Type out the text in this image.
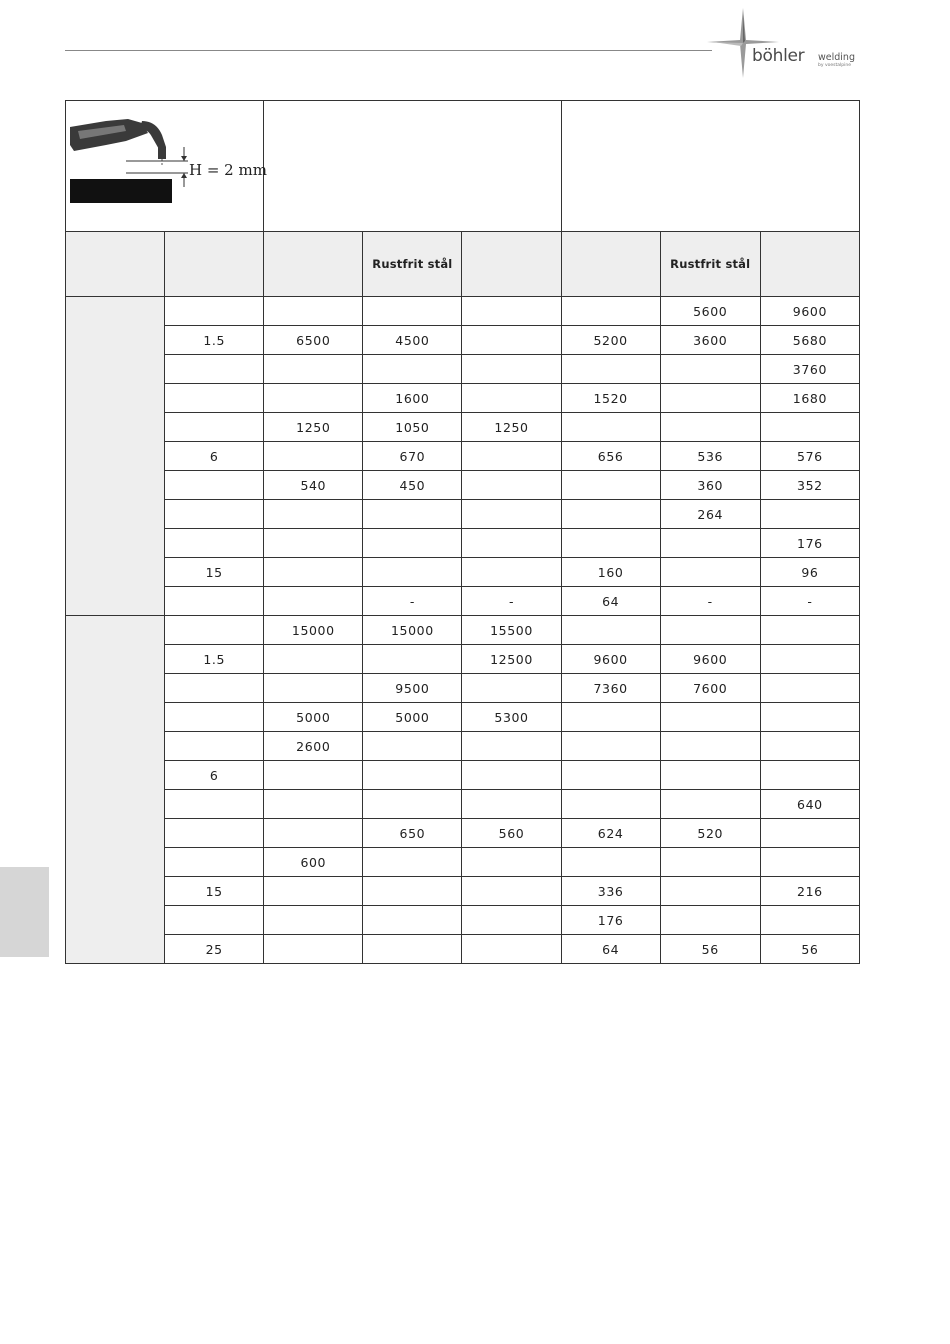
böhler welding
by voestalpine
H = 2 mm							

			Rustfrit stål			Rustfrit stål	
						5600	9600
	1.5	6500	4500		5200	3600	5680
							3760
			1600		1520		1680
		1250	1050	1250			
	6		670		656	536	576
		540	450			360	352
						264	
							176
	15				160		96
			-	-	64	-	-
		15000	15000	15500			
	1.5			12500	9600	9600	
			9500		7360	7600	
		5000	5000	5300			
		2600					
	6						
							640
			650	560	624	520	
		600					
	15				336		216
					176		
	25				64	56	56
